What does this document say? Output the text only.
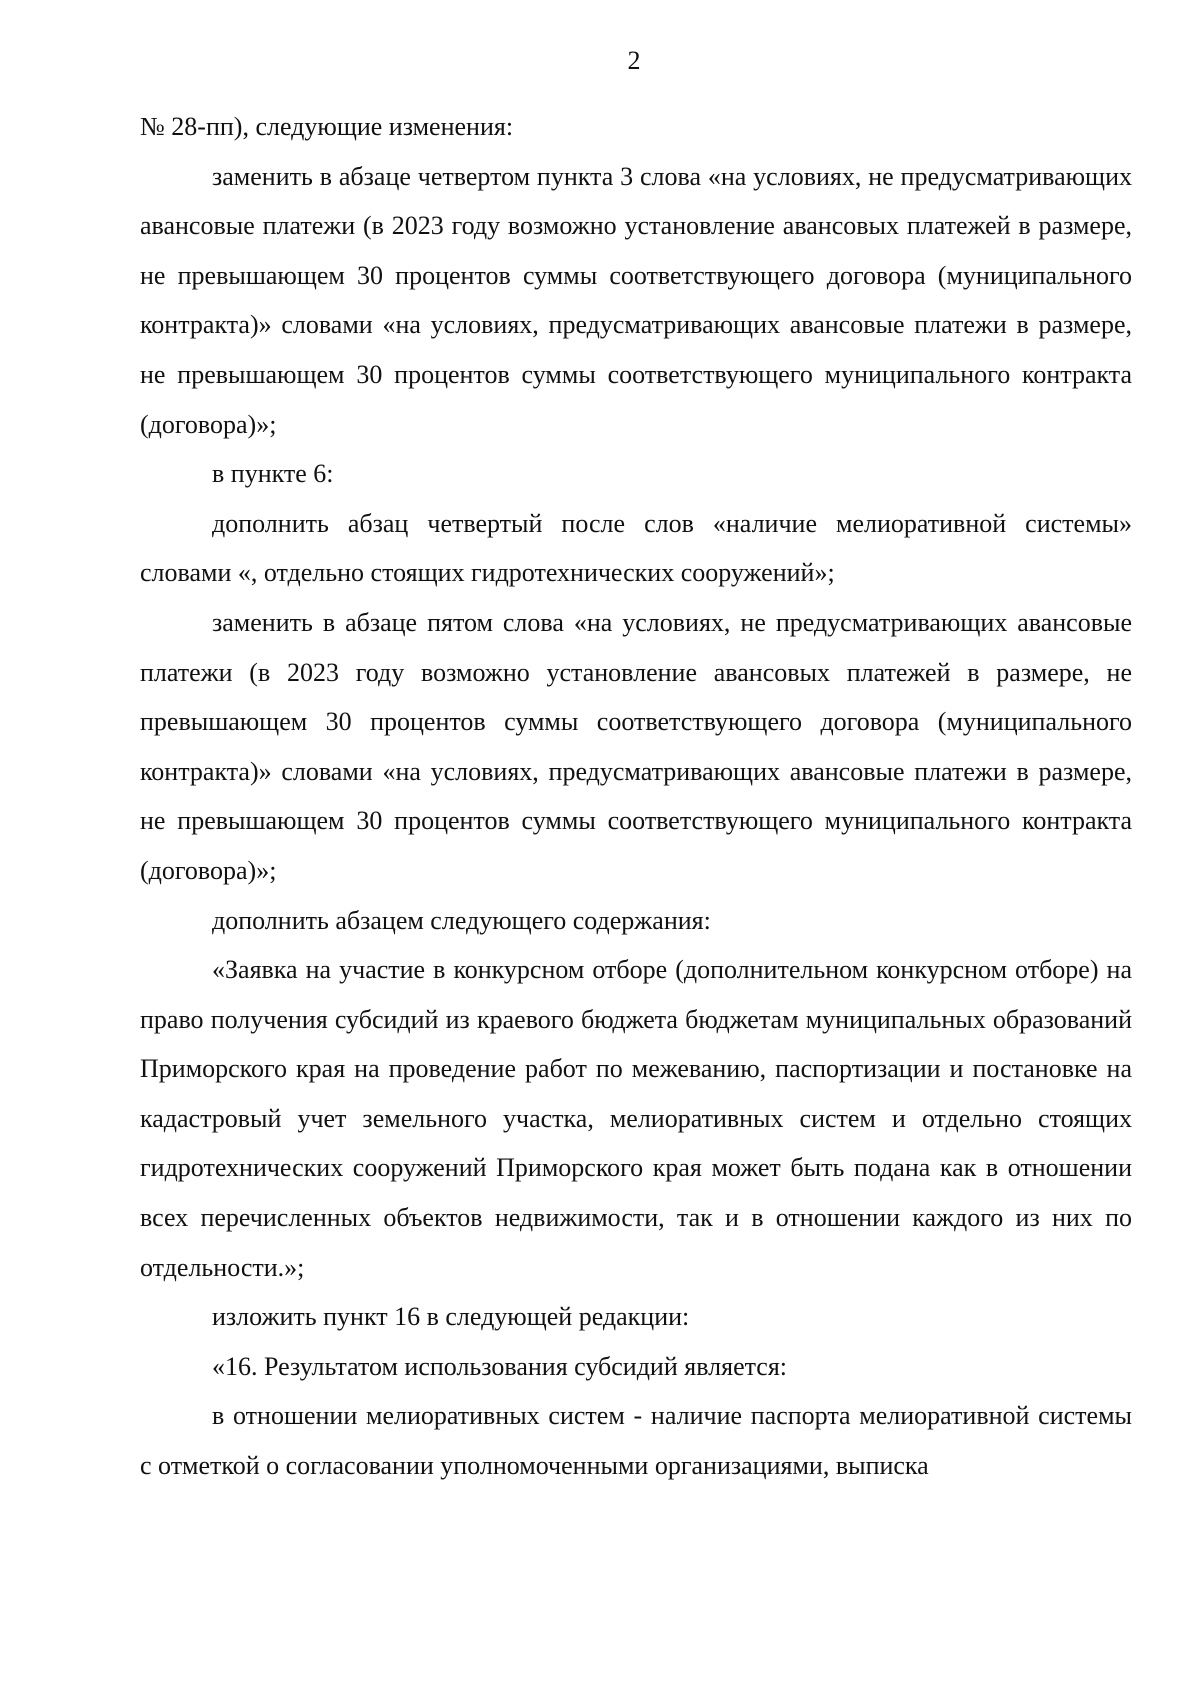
2

№ 28-пп), следующие изменения:

заменить в абзаце четвертом пункта 3 слова «на условиях, не предусматривающих авансовые платежи (в 2023 году возможно установление авансовых платежей в размере, не превышающем 30 процентов суммы соответствующего договора (муниципального контракта)» словами «на условиях, предусматривающих авансовые платежи в размере, не превышающем 30 процентов суммы соответствующего муниципального контракта (договора)»;

в пункте 6:

дополнить абзац четвертый после слов «наличие мелиоративной системы» словами «, отдельно стоящих гидротехнических сооружений»;

заменить в абзаце пятом слова «на условиях, не предусматривающих авансовые платежи (в 2023 году возможно установление авансовых платежей в размере, не превышающем 30 процентов суммы соответствующего договора (муниципального контракта)» словами «на условиях, предусматривающих авансовые платежи в размере, не превышающем 30 процентов суммы соответствующего муниципального контракта (договора)»;

дополнить абзацем следующего содержания:

«Заявка на участие в конкурсном отборе (дополнительном конкурсном отборе) на право получения субсидий из краевого бюджета бюджетам муниципальных образований Приморского края на проведение работ по межеванию, паспортизации и постановке на кадастровый учет земельного участка, мелиоративных систем и отдельно стоящих гидротехнических сооружений Приморского края может быть подана как в отношении всех перечисленных объектов недвижимости, так и в отношении каждого из них по отдельности.»;

изложить пункт 16 в следующей редакции:

«16. Результатом использования субсидий является:

в отношении мелиоративных систем - наличие паспорта мелиоративной системы с отметкой о согласовании уполномоченными организациями, выписка
